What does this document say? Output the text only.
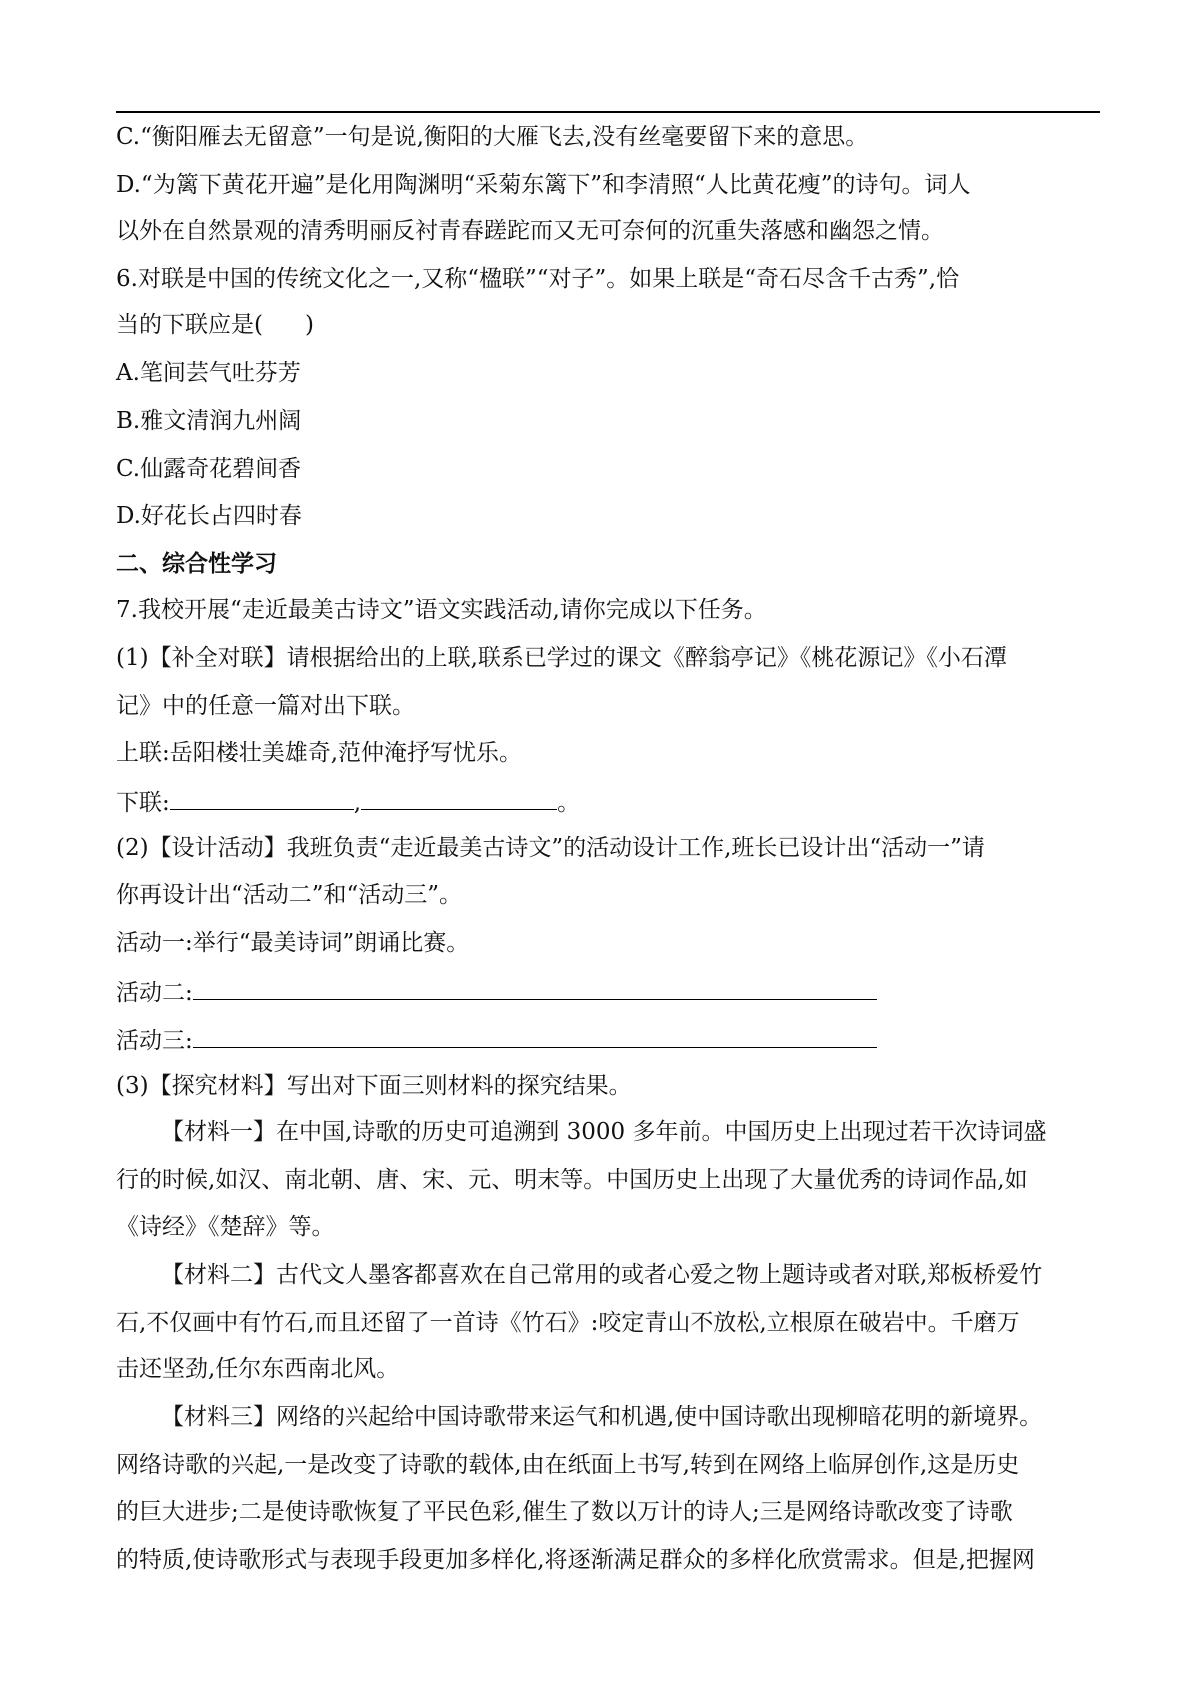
C.“衡阳雁去无留意”一句是说,衡阳的大雁飞去,没有丝毫要留下来的意思。
D.“为篱下黄花开遍”是化用陶渊明“采菊东篱下”和李清照“人比黄花瘦”的诗句。词人
以外在自然景观的清秀明丽反衬青春蹉跎而又无可奈何的沉重失落感和幽怨之情。
6.对联是中国的传统文化之一,又称“楹联”“对子”。如果上联是“奇石尽含千古秀”,恰
当的下联应是( )
A.笔间芸气吐芬芳
B.雅文清润九州阔
C.仙露奇花碧间香
D.好花长占四时春
二、综合性学习
7.我校开展“走近最美古诗文”语文实践活动,请你完成以下任务。
(1)【补全对联】请根据给出的上联,联系已学过的课文《醉翁亭记》《桃花源记》《小石潭
记》中的任意一篇对出下联。
上联:岳阳楼壮美雄奇,范仲淹抒写忧乐。
下联:	,	。
(2)【设计活动】我班负责“走近最美古诗文”的活动设计工作,班长已设计出“活动一”请
你再设计出“活动二”和“活动三”。
活动一:举行“最美诗词”朗诵比赛。
活动二:
活动三:
(3)【探究材料】写出对下面三则材料的探究结果。
【材料一】在中国,诗歌的历史可追溯到 3000 多年前。中国历史上出现过若干次诗词盛
行的时候,如汉、南北朝、唐、宋、元、明末等。中国历史上出现了大量优秀的诗词作品,如
《诗经》《楚辞》等。
【材料二】古代文人墨客都喜欢在自己常用的或者心爱之物上题诗或者对联,郑板桥爱竹
石,不仅画中有竹石,而且还留了一首诗《竹石》:咬定青山不放松,立根原在破岩中。千磨万
击还坚劲,任尔东西南北风。
【材料三】网络的兴起给中国诗歌带来运气和机遇,使中国诗歌出现柳暗花明的新境界。
网络诗歌的兴起,一是改变了诗歌的载体,由在纸面上书写,转到在网络上临屏创作,这是历史
的巨大进步;二是使诗歌恢复了平民色彩,催生了数以万计的诗人;三是网络诗歌改变了诗歌
的特质,使诗歌形式与表现手段更加多样化,将逐渐满足群众的多样化欣赏需求。但是,把握网
